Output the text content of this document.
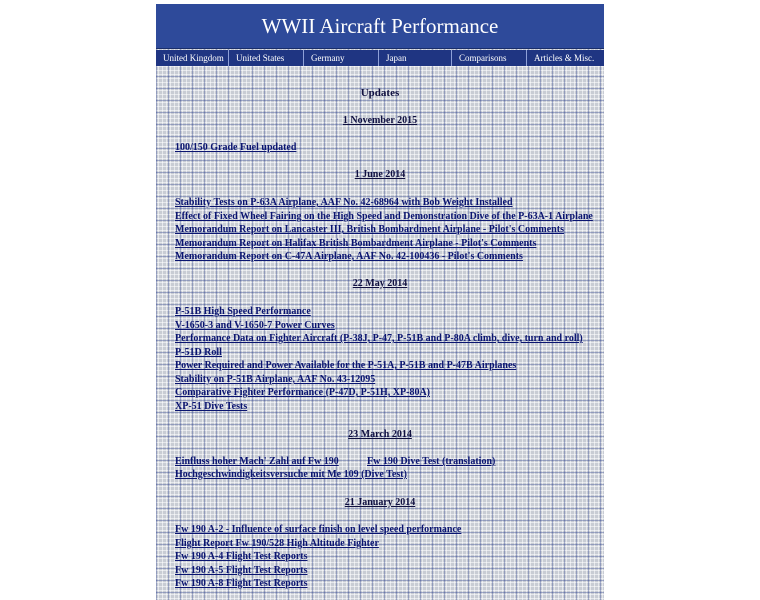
WWII Aircraft Performance
United Kingdom	United States	Germany	Japan	Comparisons	Articles & Misc.
Updates
1 November 2015
100/150 Grade Fuel updated
1 June 2014
Stability Tests on P-63A Airplane, AAF No. 42-68964 with Bob Weight Installed
Effect of Fixed Wheel Fairing on the High Speed and Demonstration Dive of the P-63A-1 Airplane
Memorandum Report on Lancaster III, British Bombardment Airplane - Pilot's Comments
Memorandum Report on Halifax British Bombardment Airplane - Pilot's Comments
Memorandum Report on C-47A Airplane, AAF No. 42-100436 - Pilot's Comments
22 May 2014
P-51B High Speed Performance
V-1650-3 and V-1650-7 Power Curves
Performance Data on Fighter Aircraft (P-38J, P-47, P-51B and P-80A climb, dive, turn and roll)
P-51D Roll
Power Required and Power Available for the P-51A, P-51B and P-47B Airplanes
Stability on P-51B Airplane, AAF No. 43-12095
Comparative Fighter Performance (P-47D, P-51H, XP-80A)
XP-51 Dive Tests
23 March 2014
Einfluss hoher Mach' Zahl auf Fw 190	Fw 190 Dive Test (translation)
Hochgeschwindigkeitsversuche mit Me 109 (Dive Test)
21 January 2014
Fw 190 A-2 - Influence of surface finish on level speed performance
Flight Report Fw 190/528 High Altitude Fighter
Fw 190 A-4 Flight Test Reports
Fw 190 A-5 Flight Test Reports
Fw 190 A-8 Flight Test Reports
